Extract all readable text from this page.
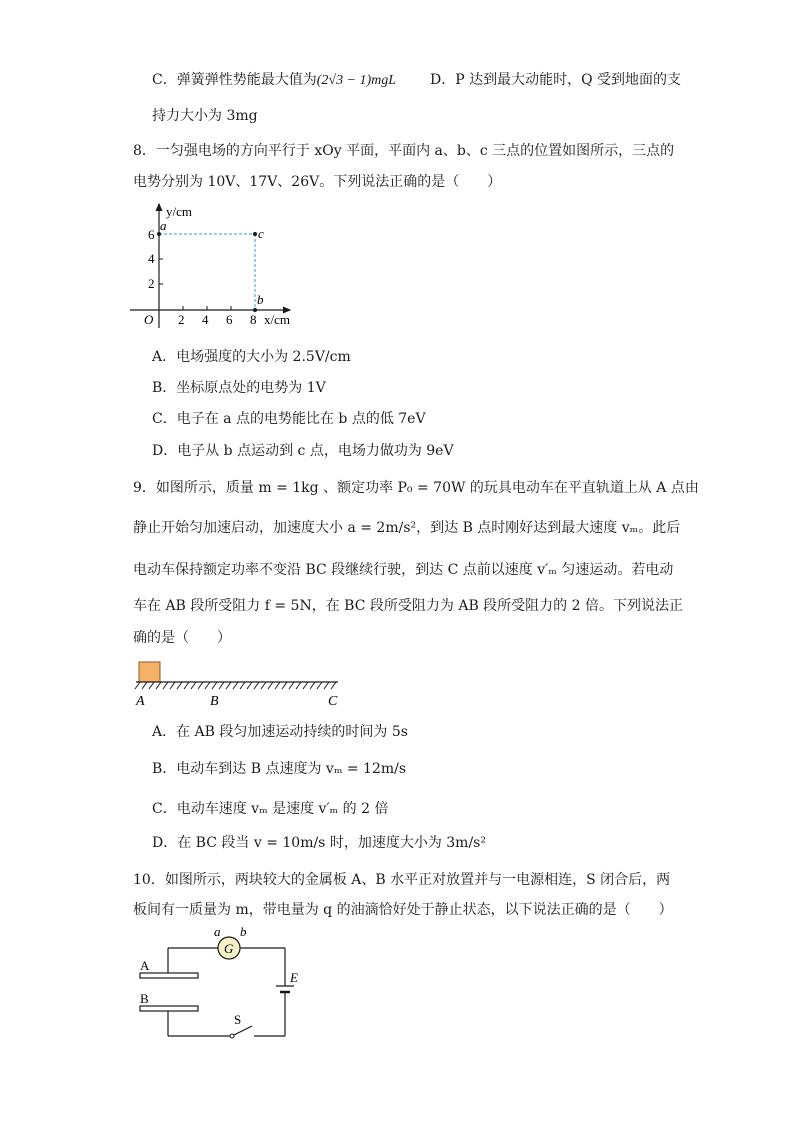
C．弹簧弹性势能最大值为(2√3 − 1)mgL D．P 达到最大动能时，Q 受到地面的支
持力大小为 3mg
8．一匀强电场的方向平行于 xOy 平面，平面内 a、b、c 三点的位置如图所示，三点的
电势分别为 10V、17V、26V。下列说法正确的是（　　）
y/cm
x/cm
O 2 4 6 8
2
4
6
a
c
b
A．电场强度的大小为 2.5V/cm
B．坐标原点处的电势为 1V
C．电子在 a 点的电势能比在 b 点的低 7eV
D．电子从 b 点运动到 c 点，电场力做功为 9eV
9．如图所示，质量 m = 1kg 、额定功率 P₀ = 70W 的玩具电动车在平直轨道上从 A 点由
静止开始匀加速启动，加速度大小 a = 2m/s²，到达 B 点时刚好达到最大速度 vₘ。此后
电动车保持额定功率不变沿 BC 段继续行驶，到达 C 点前以速度 v′ₘ 匀速运动。若电动
车在 AB 段所受阻力 f = 5N，在 BC 段所受阻力为 AB 段所受阻力的 2 倍。下列说法正
确的是（　　）
A	B	C
A．在 AB 段匀加速运动持续的时间为 5s
B．电动车到达 B 点速度为 vₘ = 12m/s
C．电动车速度 vₘ 是速度 v′ₘ 的 2 倍
D．在 BC 段当 v = 10m/s 时，加速度大小为 3m/s²
10．如图所示，两块较大的金属板 A、B 水平正对放置并与一电源相连，S 闭合后，两
板间有一质量为 m，带电量为 q 的油滴恰好处于静止状态，以下说法正确的是（　　）
G
a b
A
B
S
E
